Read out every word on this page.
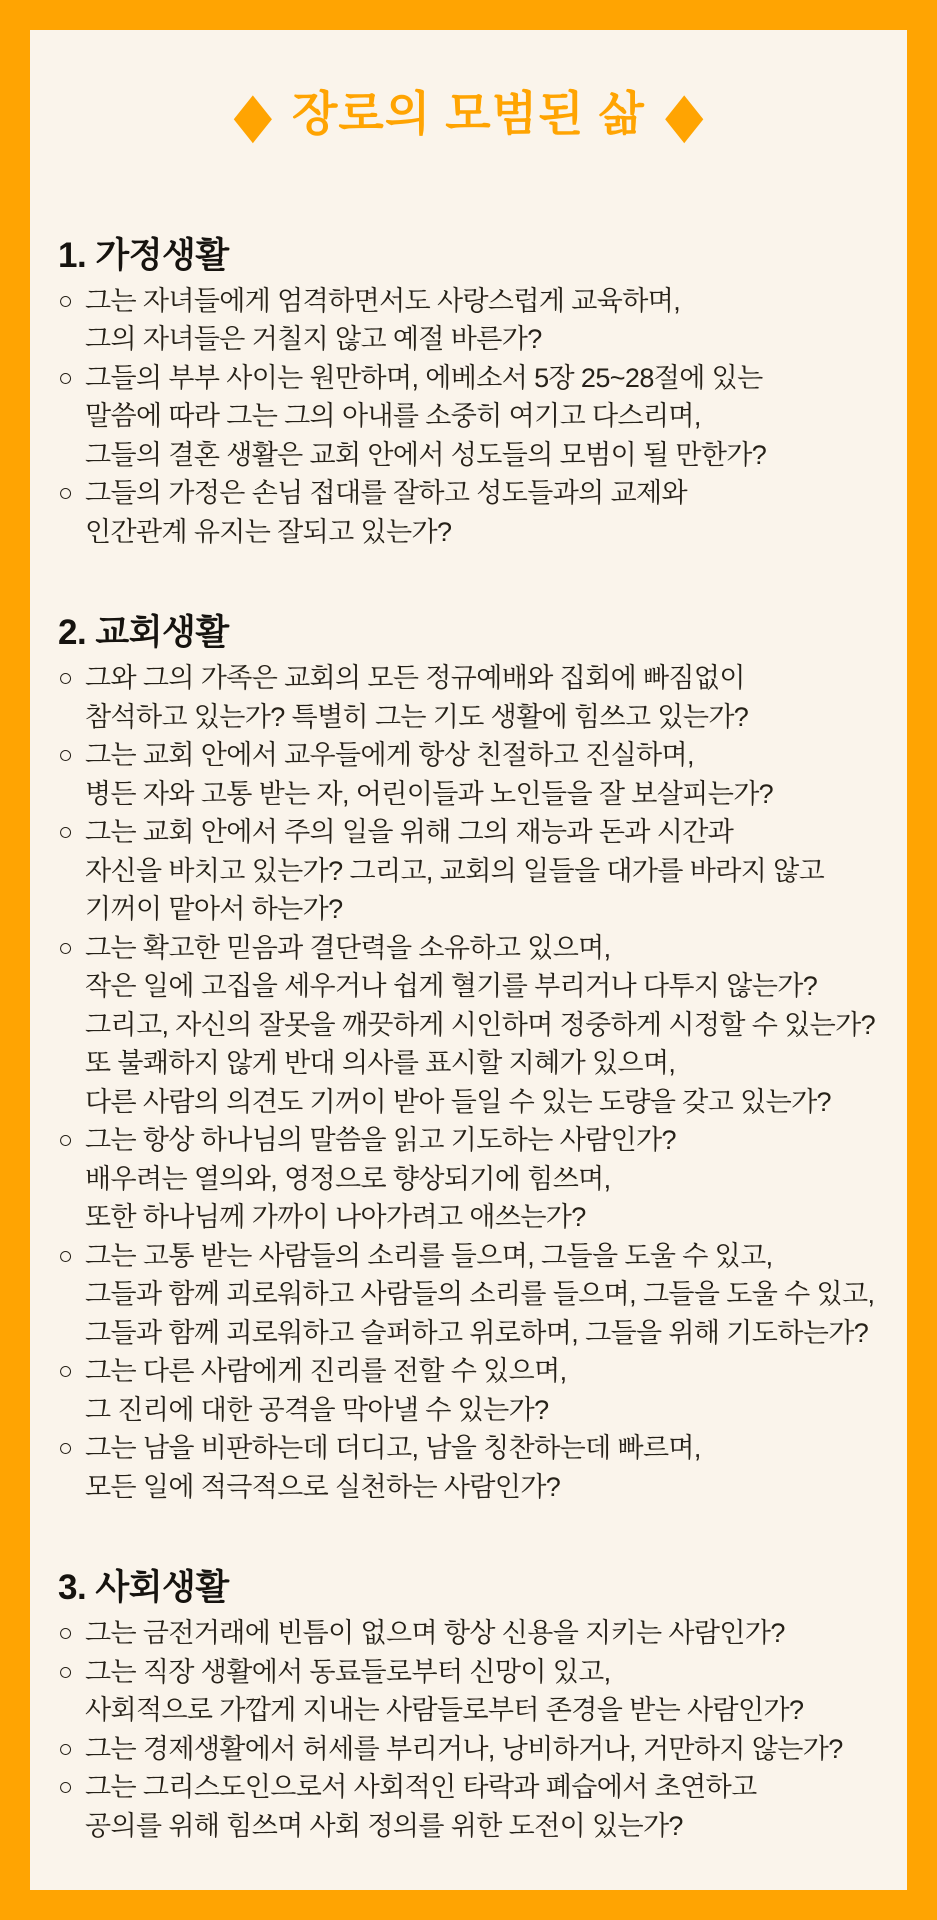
◆ 장로의 모범된 삶 ◆
1. 가정생활
○ 그는 자녀들에게 엄격하면서도 사랑스럽게 교육하며,
그의 자녀들은 거칠지 않고 예절 바른가?
○ 그들의 부부 사이는 원만하며, 에베소서 5장 25~28절에 있는
말씀에 따라 그는 그의 아내를 소중히 여기고 다스리며,
그들의 결혼 생활은 교회 안에서 성도들의 모범이 될 만한가?
○ 그들의 가정은 손님 접대를 잘하고 성도들과의 교제와
인간관계 유지는 잘되고 있는가?
2. 교회생활
○ 그와 그의 가족은 교회의 모든 정규예배와 집회에 빠짐없이
참석하고 있는가? 특별히 그는 기도 생활에 힘쓰고 있는가?
○ 그는 교회 안에서 교우들에게 항상 친절하고 진실하며,
병든 자와 고통 받는 자, 어린이들과 노인들을 잘 보살피는가?
○ 그는 교회 안에서 주의 일을 위해 그의 재능과 돈과 시간과
자신을 바치고 있는가? 그리고, 교회의 일들을 대가를 바라지 않고
기꺼이 맡아서 하는가?
○ 그는 확고한 믿음과 결단력을 소유하고 있으며,
작은 일에 고집을 세우거나 쉽게 혈기를 부리거나 다투지 않는가?
그리고, 자신의 잘못을 깨끗하게 시인하며 정중하게 시정할 수 있는가?
또 불쾌하지 않게 반대 의사를 표시할 지혜가 있으며,
다른 사람의 의견도 기꺼이 받아 들일 수 있는 도량을 갖고 있는가?
○ 그는 항상 하나님의 말씀을 읽고 기도하는 사람인가?
배우려는 열의와, 영정으로 향상되기에 힘쓰며,
또한 하나님께 가까이 나아가려고 애쓰는가?
○ 그는 고통 받는 사람들의 소리를 들으며, 그들을 도울 수 있고,
그들과 함께 괴로워하고 사람들의 소리를 들으며, 그들을 도울 수 있고,
그들과 함께 괴로워하고 슬퍼하고 위로하며, 그들을 위해 기도하는가?
○ 그는 다른 사람에게 진리를 전할 수 있으며,
그 진리에 대한 공격을 막아낼 수 있는가?
○ 그는 남을 비판하는데 더디고, 남을 칭찬하는데 빠르며,
모든 일에 적극적으로 실천하는 사람인가?
3. 사회생활
○ 그는 금전거래에 빈틈이 없으며 항상 신용을 지키는 사람인가?
○ 그는 직장 생활에서 동료들로부터 신망이 있고,
사회적으로 가깝게 지내는 사람들로부터 존경을 받는 사람인가?
○ 그는 경제생활에서 허세를 부리거나, 낭비하거나, 거만하지 않는가?
○ 그는 그리스도인으로서 사회적인 타락과 폐습에서 초연하고
공의를 위해 힘쓰며 사회 정의를 위한 도전이 있는가?
